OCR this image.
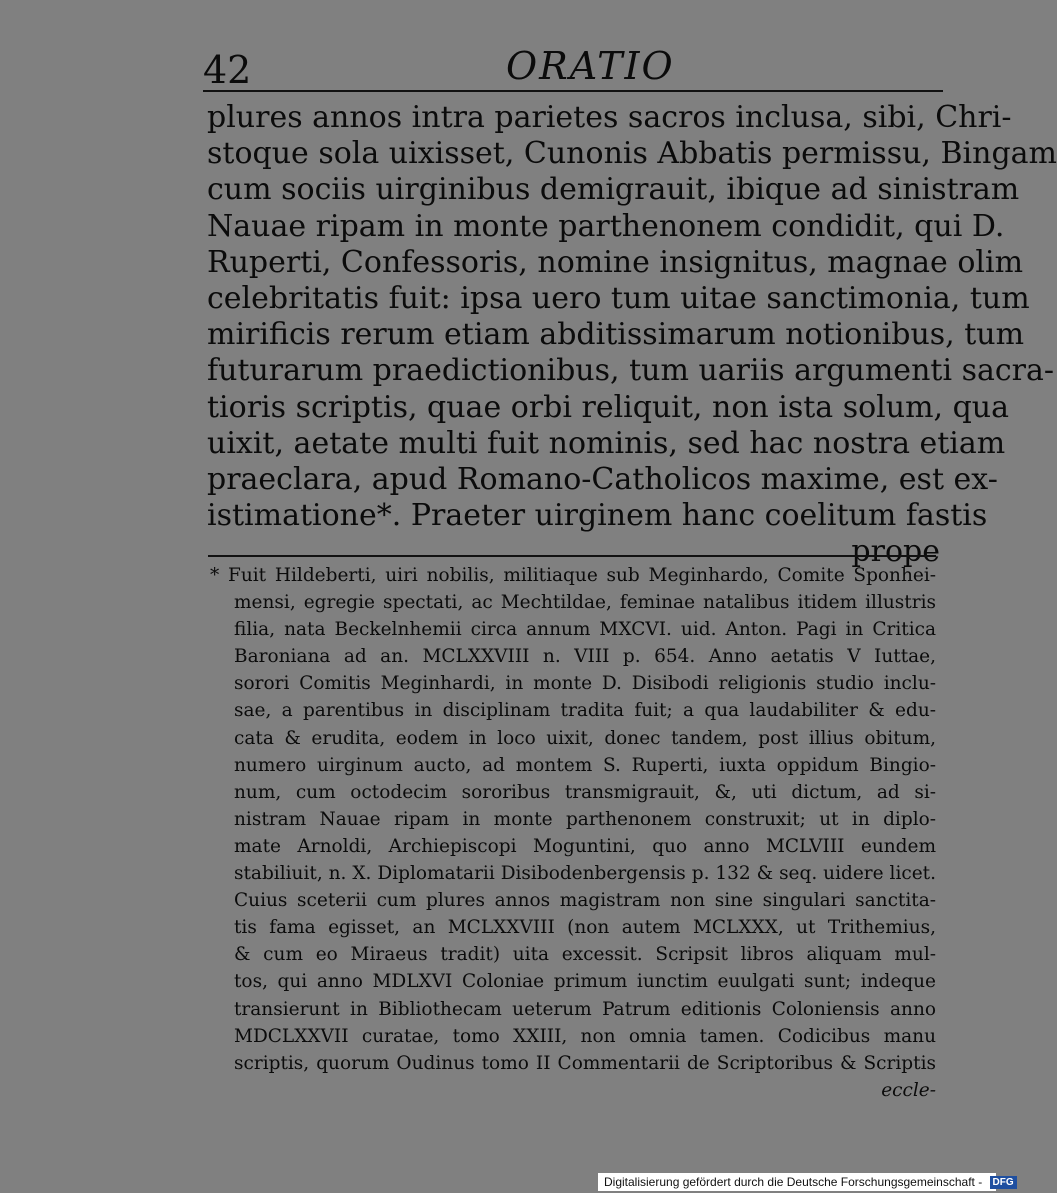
42	ORATIO
plures annos intra parietes sacros inclusa, sibi, Chri-
stoque sola uixisset, Cunonis Abbatis permissu, Bingam
cum sociis uirginibus demigrauit, ibique ad sinistram
Nauae ripam in monte parthenonem condidit, qui D.
Ruperti, Confessoris, nomine insignitus, magnae olim
celebritatis fuit: ipsa uero tum uitae sanctimonia, tum
mirificis rerum etiam abditissimarum notionibus, tum
futurarum praedictionibus, tum uariis argumenti sacra-
tioris scriptis, quae orbi reliquit, non ista solum, qua
uixit, aetate multi fuit nominis, sed hac nostra etiam
praeclara, apud Romano-Catholicos maxime, est ex-
istimatione*. Praeter uirginem hanc coelitum fastis
prope
* Fuit Hildeberti, uiri nobilis, militiaque sub Meginhardo, Comite Sponhei-
mensi, egregie spectati, ac Mechtildae, feminae natalibus itidem illustris
filia, nata Beckelnhemii circa annum MXCVI. uid. Anton. Pagi in Critica
Baroniana ad an. MCLXXVIII n. VIII p. 654. Anno aetatis V Iuttae,
sorori Comitis Meginhardi, in monte D. Disibodi religionis studio inclu-
sae, a parentibus in disciplinam tradita fuit; a qua laudabiliter & edu-
cata & erudita, eodem in loco uixit, donec tandem, post illius obitum,
numero uirginum aucto, ad montem S. Ruperti, iuxta oppidum Bingio-
num, cum octodecim sororibus transmigrauit, &, uti dictum, ad si-
nistram Nauae ripam in monte parthenonem construxit; ut in diplo-
mate Arnoldi, Archiepiscopi Moguntini, quo anno MCLVIII eundem
stabiliuit, n. X. Diplomatarii Disibodenbergensis p. 132 & seq. uidere licet.
Cuius sceterii cum plures annos magistram non sine singulari sanctita-
tis fama egisset, an MCLXXVIII (non autem MCLXXX, ut Trithemius,
& cum eo Miraeus tradit) uita excessit. Scripsit libros aliquam mul-
tos, qui anno MDLXVI Coloniae primum iunctim euulgati sunt; indeque
transierunt in Bibliothecam ueterum Patrum editionis Coloniensis anno
MDCLXXVII curatae, tomo XXIII, non omnia tamen. Codicibus manu
scriptis, quorum Oudinus tomo II Commentarii de Scriptoribus & Scriptis
eccle-
Digitalisierung gefördert durch die Deutsche Forschungsgemeinschaft - DFG
